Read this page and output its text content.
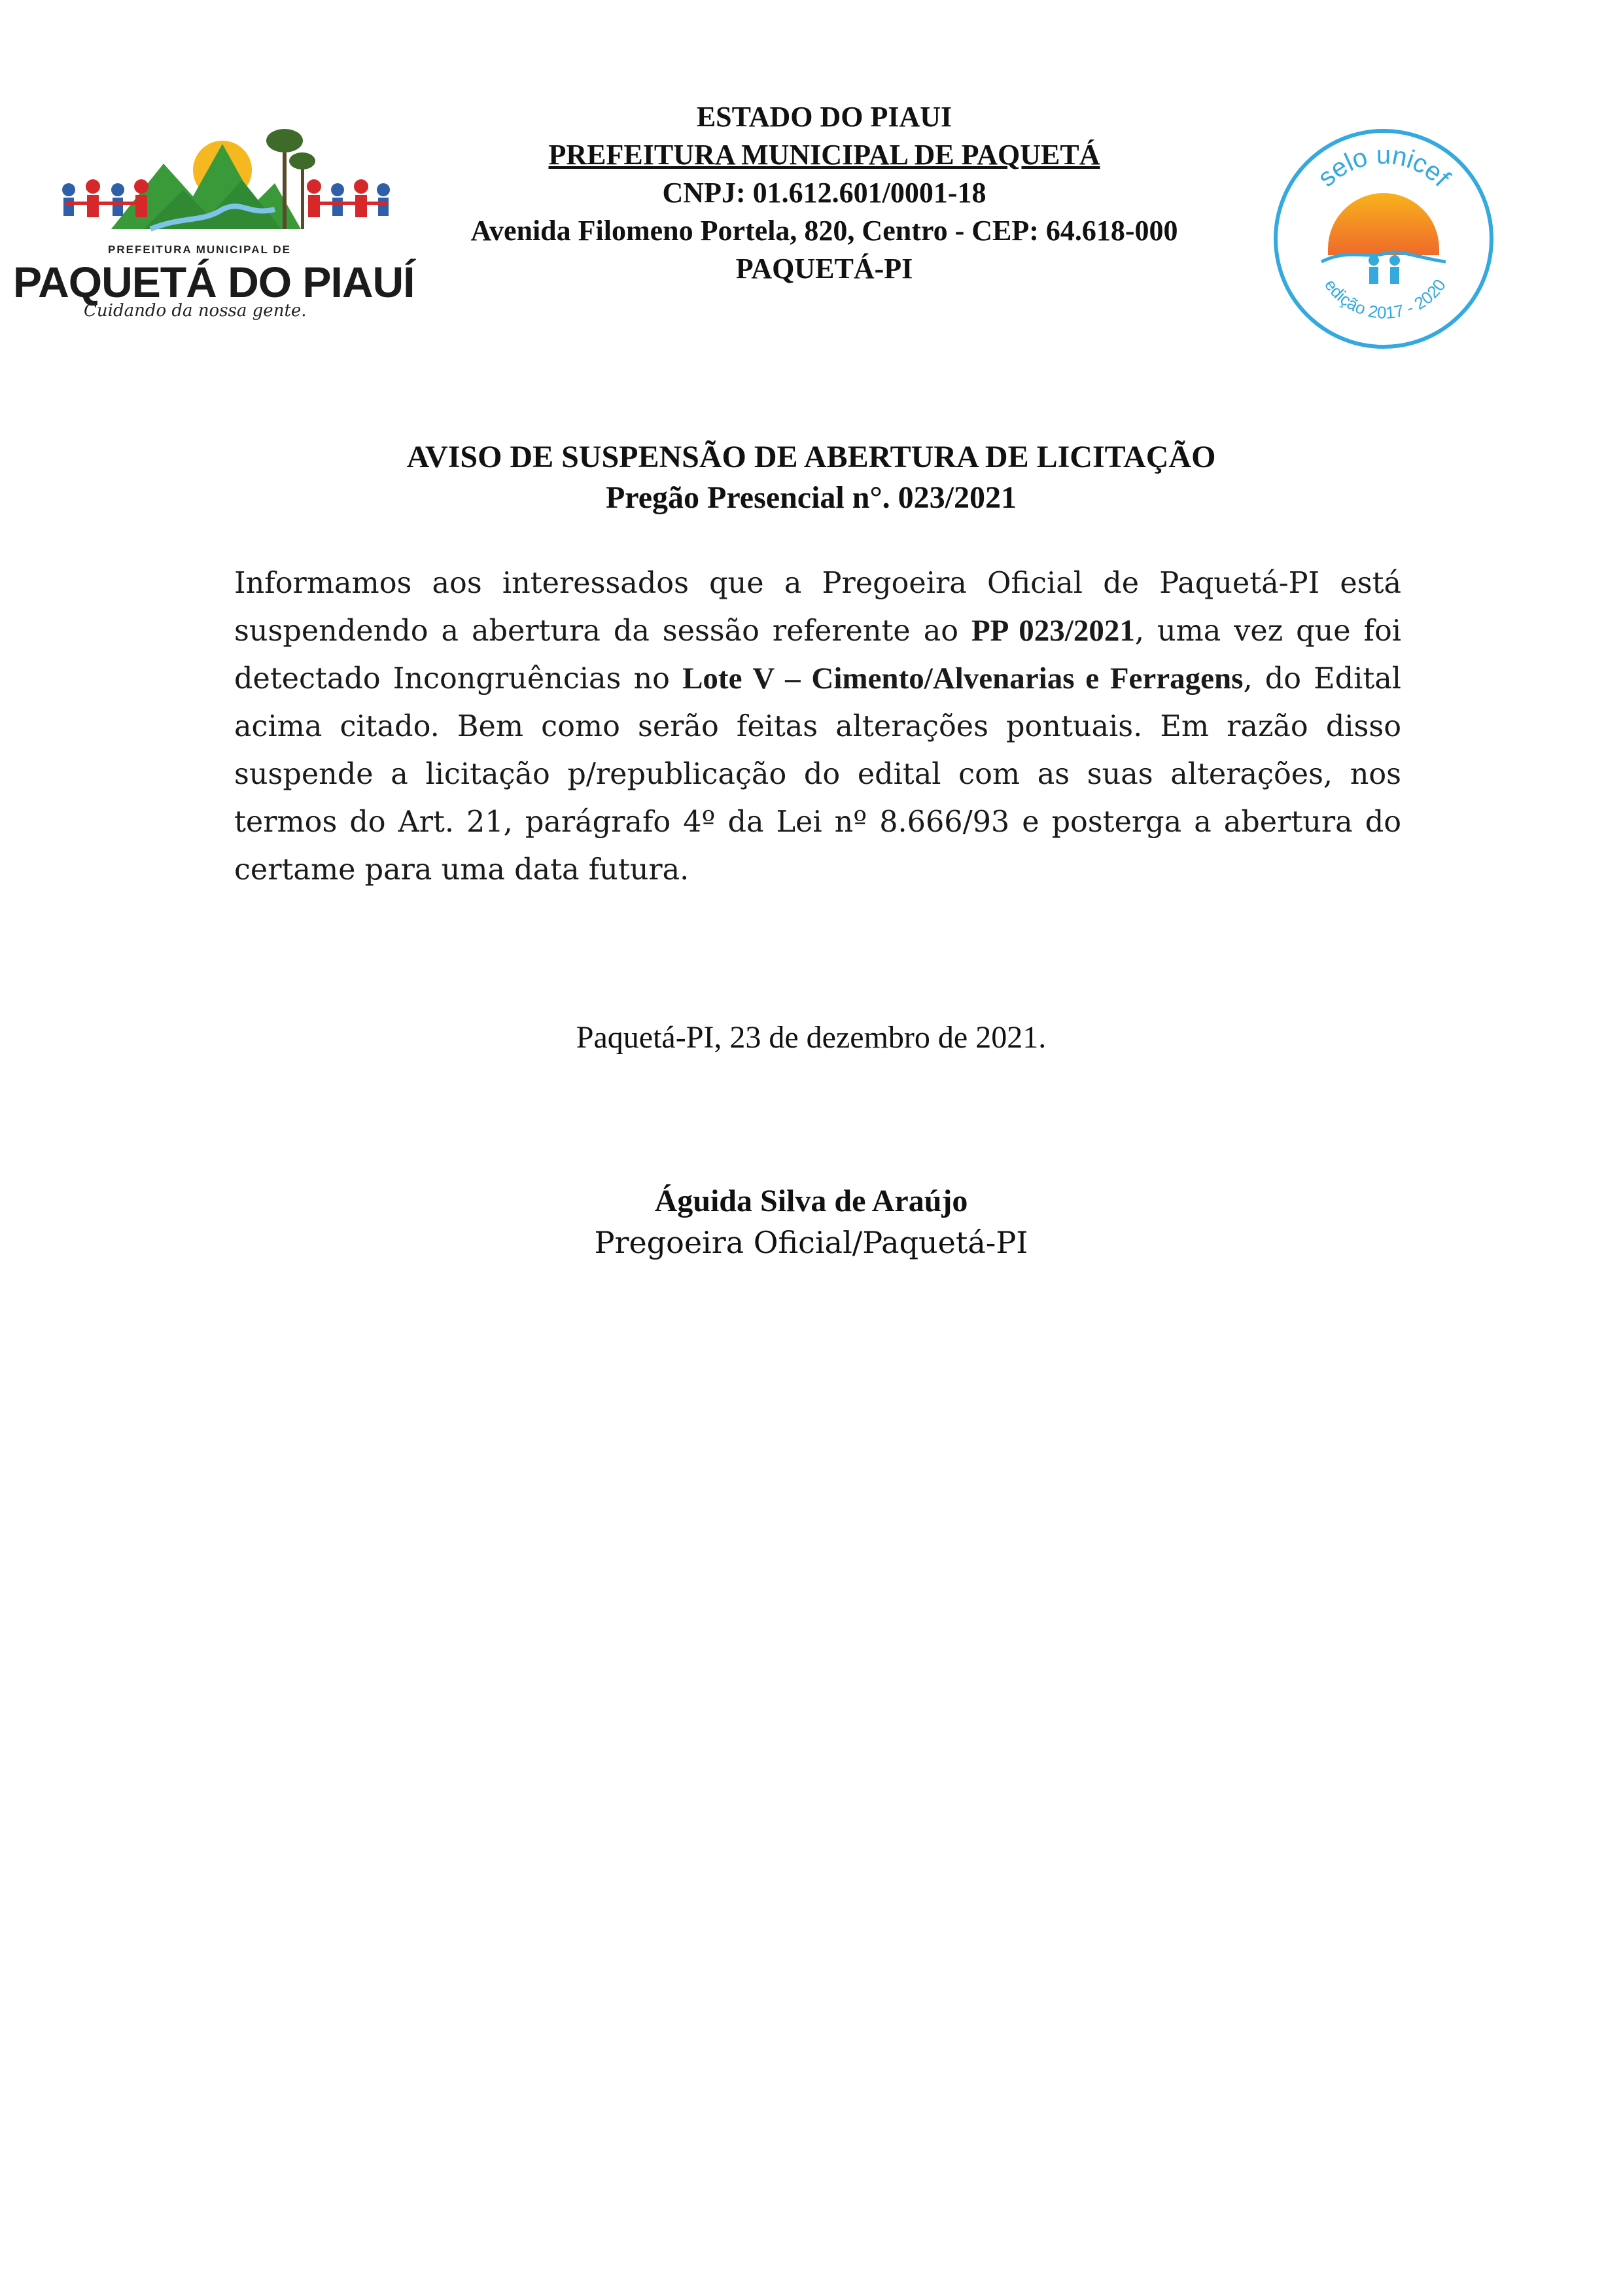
PREFEITURA MUNICIPAL DE
PAQUETÁ DO PIAUÍ
Cuidando da nossa gente.
ESTADO DO PIAUI
PREFEITURA MUNICIPAL DE PAQUETÁ
CNPJ: 01.612.601/0001-18
Avenida Filomeno Portela, 820, Centro - CEP: 64.618-000
PAQUETÁ-PI
selo unicef
edição 2017 - 2020
AVISO DE SUSPENSÃO DE ABERTURA DE LICITAÇÃO
Pregão Presencial n°. 023/2021
Informamos aos interessados que a Pregoeira Oficial de Paquetá-PI está suspendendo a abertura da sessão referente ao PP 023/2021, uma vez que foi detectado Incongruências no Lote V – Cimento/Alvenarias e Ferragens, do Edital acima citado. Bem como serão feitas alterações pontuais. Em razão disso suspende a licitação p/republicação do edital com as suas alterações, nos termos do Art. 21, parágrafo 4º da Lei nº 8.666/93 e posterga a abertura do certame para uma data futura.
Paquetá-PI, 23 de dezembro de 2021.
Águida Silva de Araújo
Pregoeira Oficial/Paquetá-PI
